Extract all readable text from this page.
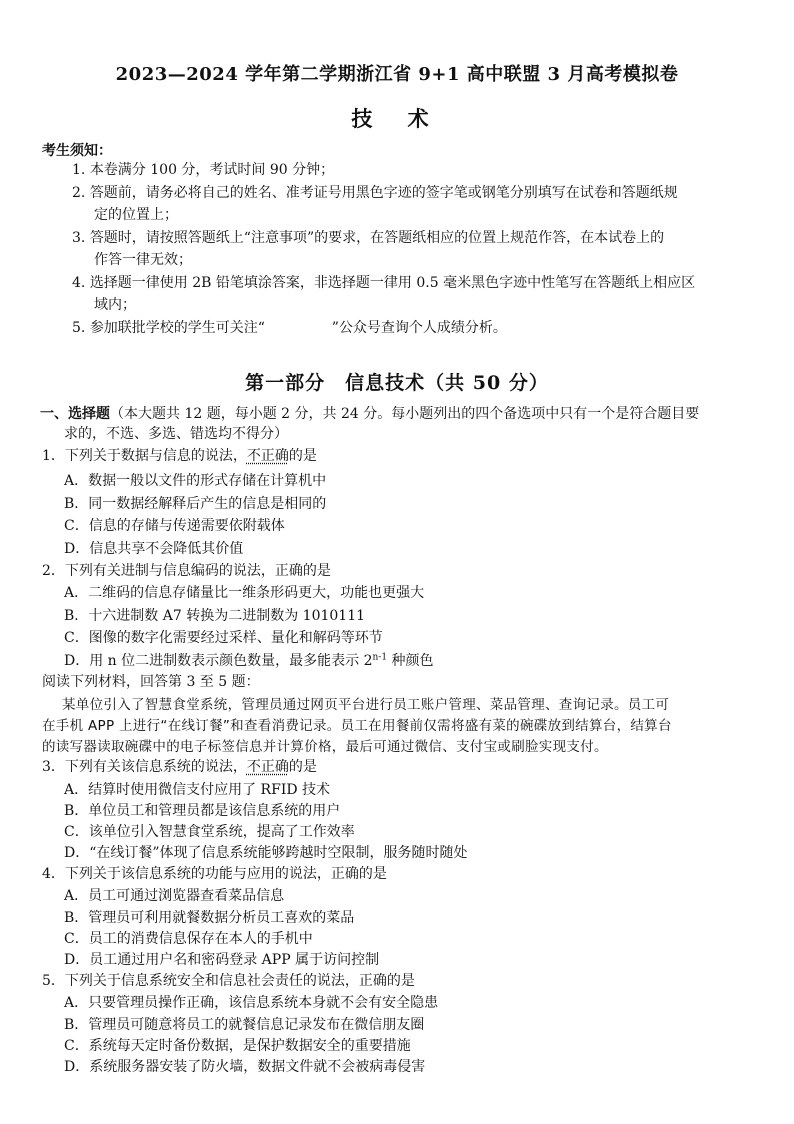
2023—2024 学年第二学期浙江省 9+1 高中联盟 3 月高考模拟卷
技 术
考生须知：
1. 本卷满分 100 分，考试时间 90 分钟；
2. 答题前，请务必将自己的姓名、准考证号用黑色字迹的签字笔或钢笔分别填写在试卷和答题纸规
定的位置上；
3. 答题时，请按照答题纸上“注意事项”的要求，在答题纸相应的位置上规范作答，在本试卷上的
作答一律无效；
4. 选择题一律使用 2B 铅笔填涂答案，非选择题一律用 0.5 毫米黑色字迹中性笔写在答题纸上相应区
域内；
5. 参加联批学校的学生可关注“               ”公众号查询个人成绩分析。
第一部分　信息技术（共 50 分）
一、选择题（本大题共 12 题，每小题 2 分，共 24 分。每小题列出的四个备选项中只有一个是符合题目要
求的，不选、多选、错选均不得分）
1．下列关于数据与信息的说法，不正确的是
A．数据一般以文件的形式存储在计算机中
B．同一数据经解释后产生的信息是相同的
C．信息的存储与传递需要依附载体
D．信息共享不会降低其价值
2．下列有关进制与信息编码的说法，正确的是
A．二维码的信息存储量比一维条形码更大，功能也更强大
B．十六进制数 A7 转换为二进制数为 1010111
C．图像的数字化需要经过采样、量化和解码等环节
D．用 n 位二进制数表示颜色数量，最多能表示 2$^{n-1}$ 种颜色
阅读下列材料，回答第 3 至 5 题：
某单位引入了智慧食堂系统，管理员通过网页平台进行员工账户管理、菜品管理、查询记录。员工可
在手机 APP 上进行“在线订餐”和查看消费记录。员工在用餐前仅需将盛有菜的碗碟放到结算台，结算台
的读写器读取碗碟中的电子标签信息并计算价格，最后可通过微信、支付宝或刷脸实现支付。
3．下列有关该信息系统的说法，不正确的是
A．结算时使用微信支付应用了 RFID 技术
B．单位员工和管理员都是该信息系统的用户
C．该单位引入智慧食堂系统，提高了工作效率
D．“在线订餐”体现了信息系统能够跨越时空限制，服务随时随处
4．下列关于该信息系统的功能与应用的说法，正确的是
A．员工可通过浏览器查看菜品信息
B．管理员可利用就餐数据分析员工喜欢的菜品
C．员工的消费信息保存在本人的手机中
D．员工通过用户名和密码登录 APP 属于访问控制
5．下列关于信息系统安全和信息社会责任的说法，正确的是
A．只要管理员操作正确，该信息系统本身就不会有安全隐患
B．管理员可随意将员工的就餐信息记录发布在微信朋友圈
C．系统每天定时备份数据，是保护数据安全的重要措施
D．系统服务器安装了防火墙，数据文件就不会被病毒侵害
